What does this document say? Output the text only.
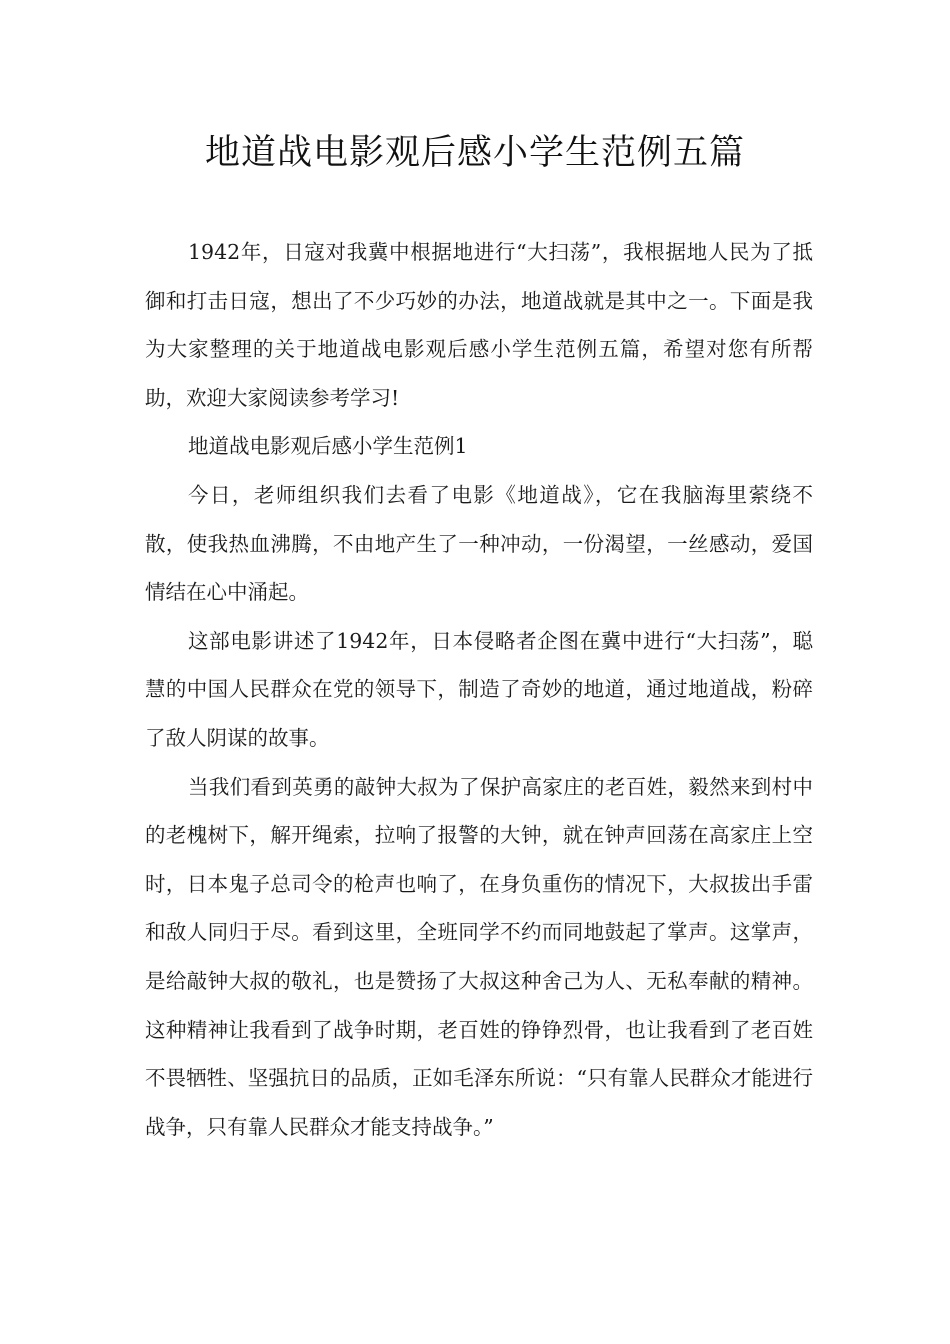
地道战电影观后感小学生范例五篇

1942年，日寇对我冀中根据地进行“大扫荡”，我根据地人民为了抵御和打击日寇，想出了不少巧妙的办法，地道战就是其中之一。下面是我为大家整理的关于地道战电影观后感小学生范例五篇，希望对您有所帮助，欢迎大家阅读参考学习!

地道战电影观后感小学生范例1

今日，老师组织我们去看了电影《地道战》，它在我脑海里萦绕不散，使我热血沸腾，不由地产生了一种冲动，一份渴望，一丝感动，爱国情结在心中涌起。

这部电影讲述了1942年，日本侵略者企图在冀中进行“大扫荡”，聪慧的中国人民群众在党的领导下，制造了奇妙的地道，通过地道战，粉碎了敌人阴谋的故事。

当我们看到英勇的敲钟大叔为了保护高家庄的老百姓，毅然来到村中的老槐树下，解开绳索，拉响了报警的大钟，就在钟声回荡在高家庄上空时，日本鬼子总司令的枪声也响了，在身负重伤的情况下，大叔拔出手雷和敌人同归于尽。看到这里，全班同学不约而同地鼓起了掌声。这掌声，是给敲钟大叔的敬礼，也是赞扬了大叔这种舍己为人、无私奉献的精神。这种精神让我看到了战争时期，老百姓的铮铮烈骨，也让我看到了老百姓不畏牺牲、坚强抗日的品质，正如毛泽东所说：“只有靠人民群众才能进行战争，只有靠人民群众才能支持战争。”
